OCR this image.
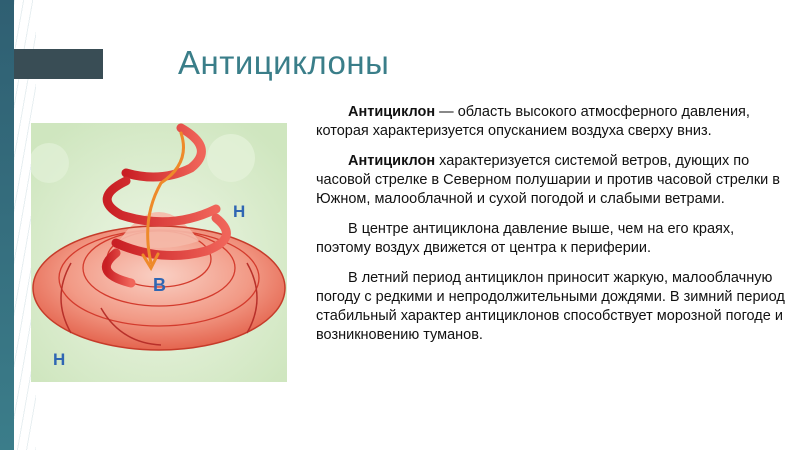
Антициклоны
В
Н
Н

Антициклон — область высокого атмосферного давления, которая характеризуется опусканием воздуха сверху вниз.

Антициклон характеризуется системой ветров, дующих по часовой стрелке в Северном полушарии и против часовой стрелки в Южном, малооблачной и сухой погодой и слабыми ветрами.

В центре антициклона давление выше, чем на его краях, поэтому воздух движется от центра к периферии.

В летний период антициклон приносит жаркую, малооблачную погоду с редкими и непродолжительными дождями. В зимний период стабильный характер антициклонов способствует морозной погоде и возникновению туманов.
